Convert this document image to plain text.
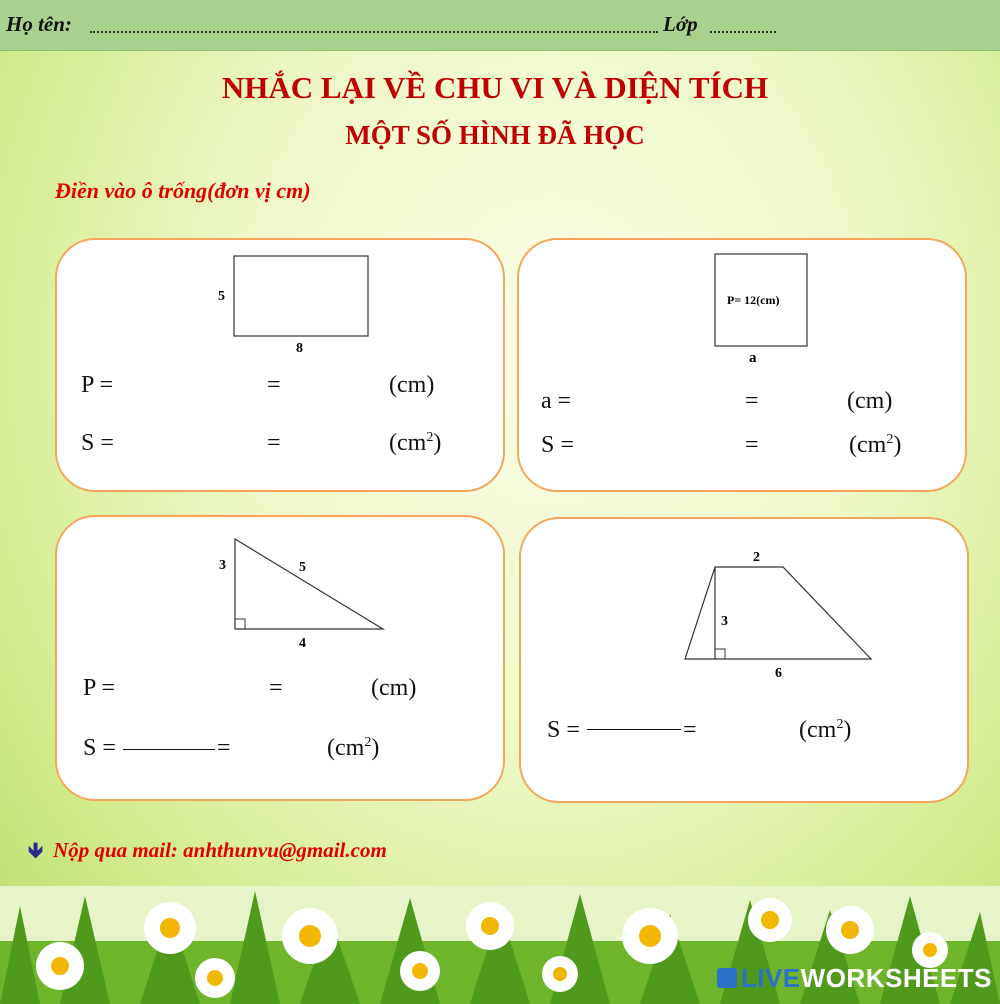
Họ tên:	Lớp
NHẮC LẠI VỀ CHU VI VÀ DIỆN TÍCH
MỘT SỐ HÌNH ĐÃ HỌC
Điền vào ô trống(đơn vị cm)
5
8
P =	=	(cm)
S =	=	$(cm^2)$
P= 12(cm)
a
a =	=	(cm)
S =	=	$(cm^2)$
3	5
4
P =	=	(cm)
S =	=	$(cm^2)$
2
3
6
S =	=	$(cm^2)$
🡻 Nộp qua mail: anhthunvu@gmail.com
LIVEWORKSHEETS
